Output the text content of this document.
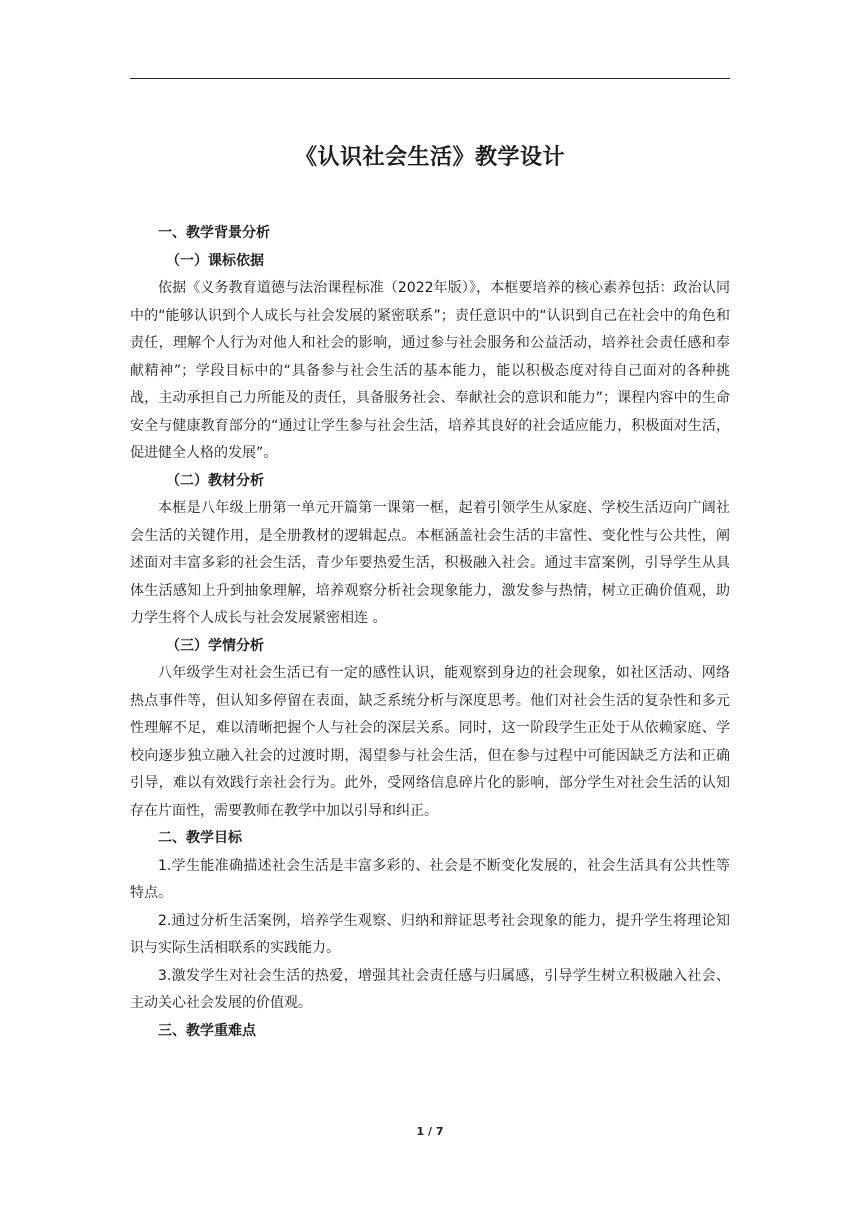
《认识社会生活》教学设计

一、教学背景分析

（一）课标依据

依据《义务教育道德与法治课程标准（2022年版）》，本框要培养的核心素养包括：政治认同中的“能够认识到个人成长与社会发展的紧密联系”；责任意识中的“认识到自己在社会中的角色和责任，理解个人行为对他人和社会的影响，通过参与社会服务和公益活动，培养社会责任感和奉献精神”；学段目标中的“具备参与社会生活的基本能力，能以积极态度对待自己面对的各种挑战，主动承担自己力所能及的责任，具备服务社会、奉献社会的意识和能力”；课程内容中的生命安全与健康教育部分的“通过让学生参与社会生活，培养其良好的社会适应能力，积极面对生活，促进健全人格的发展”。

（二）教材分析

本框是八年级上册第一单元开篇第一课第一框，起着引领学生从家庭、学校生活迈向广阔社会生活的关键作用，是全册教材的逻辑起点。本框涵盖社会生活的丰富性、变化性与公共性，阐述面对丰富多彩的社会生活，青少年要热爱生活，积极融入社会。通过丰富案例，引导学生从具体生活感知上升到抽象理解，培养观察分析社会现象能力，激发参与热情，树立正确价值观，助力学生将个人成长与社会发展紧密相连 。

（三）学情分析

八年级学生对社会生活已有一定的感性认识，能观察到身边的社会现象，如社区活动、网络热点事件等，但认知多停留在表面，缺乏系统分析与深度思考。他们对社会生活的复杂性和多元性理解不足，难以清晰把握个人与社会的深层关系。同时，这一阶段学生正处于从依赖家庭、学校向逐步独立融入社会的过渡时期，渴望参与社会生活，但在参与过程中可能因缺乏方法和正确引导，难以有效践行亲社会行为。此外，受网络信息碎片化的影响，部分学生对社会生活的认知存在片面性，需要教师在教学中加以引导和纠正。

二、教学目标

1.学生能准确描述社会生活是丰富多彩的、社会是不断变化发展的，社会生活具有公共性等特点。

2.通过分析生活案例，培养学生观察、归纳和辩证思考社会现象的能力，提升学生将理论知识与实际生活相联系的实践能力。

3.激发学生对社会生活的热爱，增强其社会责任感与归属感，引导学生树立积极融入社会、主动关心社会发展的价值观。

三、教学重难点

1 / 7
